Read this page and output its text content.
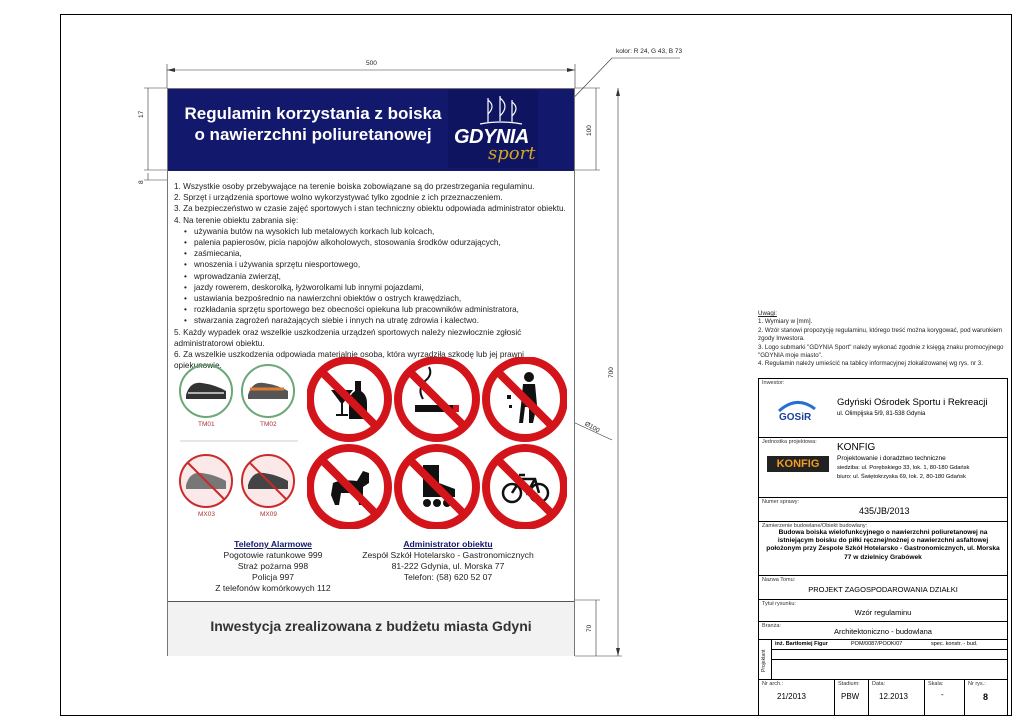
500
kolor: R 24, G 43, B 73
17
8
100
700
70
Ø100
Regulamin korzystania z boiska
o nawierzchni poliuretanowej	GDYNIA
sport
1. Wszystkie osoby przebywające na terenie boiska zobowiązane są do przestrzegania regulaminu.
2. Sprzęt i urządzenia sportowe wolno wykorzystywać tylko zgodnie z ich przeznaczeniem.
3. Za bezpieczeństwo w czasie zajęć sportowych i stan techniczny obiektu odpowiada administrator obiektu.
4. Na terenie obiektu zabrania się:
• używania butów na wysokich lub metalowych korkach lub kolcach,
• palenia papierosów, picia napojów alkoholowych, stosowania środków odurzających,
• zaśmiecania,
• wnoszenia i używania sprzętu niesportowego,
• wprowadzania zwierząt,
• jazdy rowerem, deskorolką, łyżworolkami lub innymi pojazdami,
• ustawiania bezpośrednio na nawierzchni obiektów o ostrych krawędziach,
• rozkładania sprzętu sportowego bez obecności opiekuna lub pracowników administratora,
• stwarzania zagrożeń narażających siebie i innych na utratę zdrowia i kalectwo.
5. Każdy wypadek oraz wszelkie uszkodzenia urządzeń sportowych należy niezwłocznie zgłosić administratorowi obiektu.
6. Za wszelkie uszkodzenia odpowiada materialnie osoba, która wyrządziła szkodę lub jej prawni opiekunowie.
TM01	TM02
MX03	MX09
Telefony Alarmowe
Pogotowie ratunkowe 999
Straż pożarna 998
Policja 997
Z telefonów komórkowych 112
Administrator obiektu
Zespół Szkół Hotelarsko - Gastronomicznych
81-222 Gdynia, ul. Morska 77
Telefon: (58) 620 52 07
Inwestycja zrealizowana z budżetu miasta Gdyni
Uwagi:
1. Wymiary w [mm].
2. Wzór stanowi propozycję regulaminu, którego treść można korygować, pod warunkiem zgody Inwestora.
3. Logo submarki "GDYNIA Sport" należy wykonać zgodnie z księgą znaku promocyjnego "GDYNIA moje miasto".
4. Regulamin należy umieścić na tablicy informacyjnej zlokalizowanej wg rys. nr 3.
Inwestor:
GOSiR
Gdyński Ośrodek Sportu i Rekreacji
ul. Olimpijska 5/9, 81-538 Gdynia
Jednostka projektowa:
KONFIG
KONFIG
Projektowanie i doradztwo techniczne
siedziba: ul. Porębskiego 33, lok. 1, 80-180 Gdańsk
biuro: ul. Świętokrzyska 69, lok. 2, 80-180 Gdańsk
Numer sprawy:
435/JB/2013
Zamierzenie budowlane/Obiekt budowlany:
Budowa boiska wielofunkcyjnego o nawierzchni poliuretanowej na istniejącym boisku do piłki ręcznej/nożnej o nawierzchni asfaltowej położonym przy Zespole Szkół Hotelarsko - Gastronomicznych, ul. Morska 77 w dzielnicy Grabówek
Nazwa Tomu:
PROJEKT ZAGOSPODAROWANIA DZIAŁKI
Tytuł rysunku:
Wzór regulaminu
Branża:
Architektoniczno - budowlana
Projektant
inż. Bartłomiej Figur	POM/0087/POOK/07	spec. konstr. - bud.
Nr arch.:
21/2013
Stadium:
PBW
Data:
12.2013
Skala:
-
Nr rys.:
8
